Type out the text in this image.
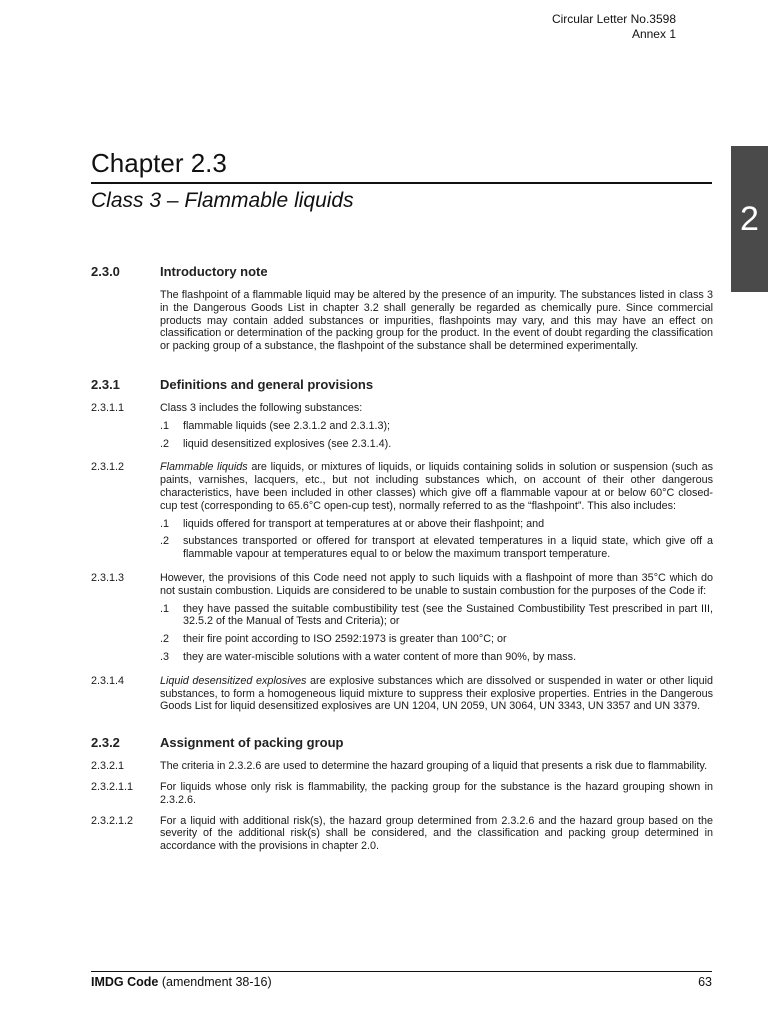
Circular Letter No.3598
Annex 1
Chapter 2.3
Class 3 – Flammable liquids	2
2.3.0	Introductory note

The flashpoint of a flammable liquid may be altered by the presence of an impurity. The substances listed in class 3 in the Dangerous Goods List in chapter 3.2 shall generally be regarded as chemically pure. Since commercial products may contain added substances or impurities, flashpoints may vary, and this may have an effect on classification or determination of the packing group for the product. In the event of doubt regarding the classification or packing group of a substance, the flashpoint of the substance shall be determined experimentally.

2.3.1	Definitions and general provisions
2.3.1.1	Class 3 includes the following substances:

.1	flammable liquids (see 2.3.1.2 and 2.3.1.3);
.2	liquid desensitized explosives (see 2.3.1.4).
2.3.1.2	Flammable liquids are liquids, or mixtures of liquids, or liquids containing solids in solution or suspension (such as paints, varnishes, lacquers, etc., but not including substances which, on account of their other dangerous characteristics, have been included in other classes) which give off a flammable vapour at or below 60°C closed-cup test (corresponding to 65.6°C open-cup test), normally referred to as the “flashpoint”. This also includes:

.1	liquids offered for transport at temperatures at or above their flashpoint; and
.2	substances transported or offered for transport at elevated temperatures in a liquid state, which give off a flammable vapour at temperatures equal to or below the maximum transport temperature.
2.3.1.3	However, the provisions of this Code need not apply to such liquids with a flashpoint of more than 35°C which do not sustain combustion. Liquids are considered to be unable to sustain combustion for the purposes of the Code if:

.1	they have passed the suitable combustibility test (see the Sustained Combustibility Test prescribed in part III, 32.5.2 of the Manual of Tests and Criteria); or
.2	their fire point according to ISO 2592:1973 is greater than 100°C; or
.3	they are water-miscible solutions with a water content of more than 90%, by mass.
2.3.1.4	Liquid desensitized explosives are explosive substances which are dissolved or suspended in water or other liquid substances, to form a homogeneous liquid mixture to suppress their explosive properties. Entries in the Dangerous Goods List for liquid desensitized explosives are UN 1204, UN 2059, UN 3064, UN 3343, UN 3357 and UN 3379.

2.3.2	Assignment of packing group
2.3.2.1	The criteria in 2.3.2.6 are used to determine the hazard grouping of a liquid that presents a risk due to flammability.

2.3.2.1.1	For liquids whose only risk is flammability, the packing group for the substance is the hazard grouping shown in 2.3.2.6.

2.3.2.1.2	For a liquid with additional risk(s), the hazard group determined from 2.3.2.6 and the hazard group based on the severity of the additional risk(s) shall be considered, and the classification and packing group determined in accordance with the provisions in chapter 2.0.

IMDG Code (amendment 38-16)	63
